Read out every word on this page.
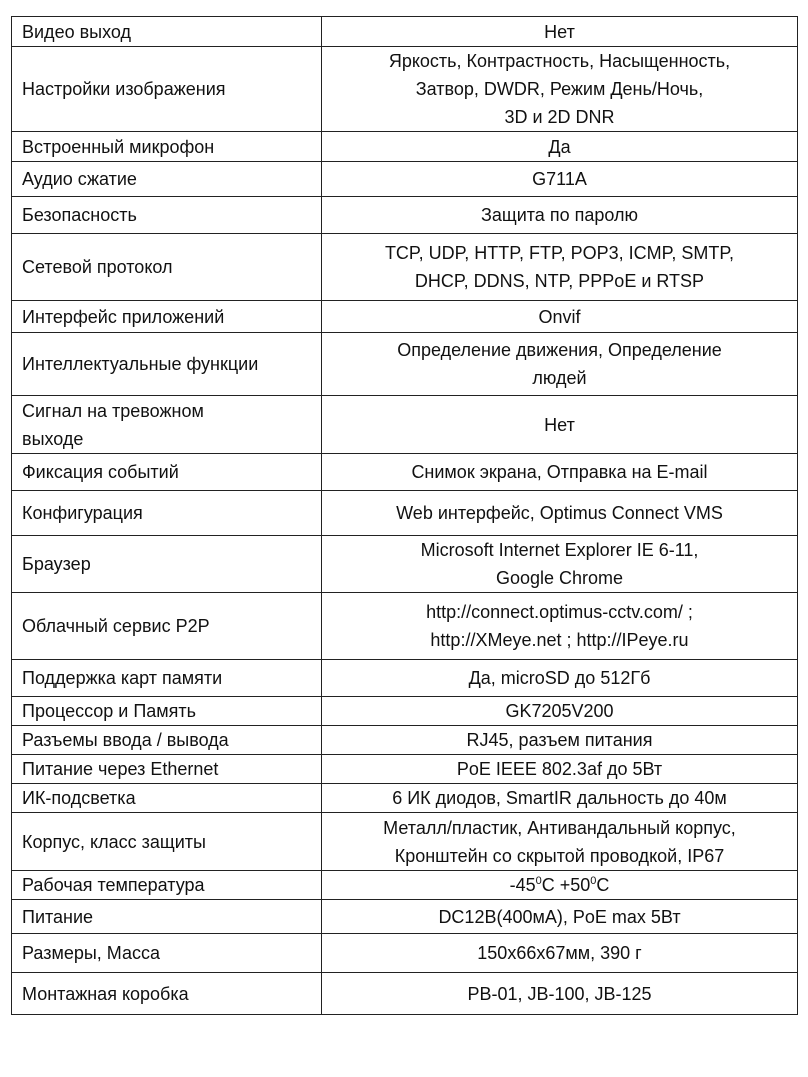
Видео выход	Нет

Настройки изображения	Яркость, Контрастность, Насыщенность,
Затвор, DWDR, Режим День/Ночь,
3D и 2D DNR

Встроенный микрофон	Да

Аудио сжатие	G711A

Безопасность	Защита по паролю

Сетевой протокол	TCP, UDP, HTTP, FTP, POP3, ICMP, SMTP,
DHCP, DDNS, NTP, PPPoE и RTSP

Интерфейс приложений	Onvif

Интеллектуальные функции	Определение движения, Определение
людей

Сигнал на тревожном
выходе	Нет

Фиксация событий	Снимок экрана, Отправка на E-mail

Конфигурация	Web интерфейс, Optimus Connect VMS

Браузер	Microsoft Internet Explorer IE 6-11,
Google Chrome

Облачный сервис P2P	http://connect.optimus-cctv.com/ ;
http://XMeye.net ; http://IPeye.ru

Поддержка карт памяти	Да, microSD до 512Гб

Процессор и Память	GK7205V200

Разъемы ввода / вывода	RJ45, разъем питания

Питание через Ethernet	PoE IEEE 802.3af до 5Вт

ИК-подсветка	6 ИК диодов, SmartIR дальность до 40м

Корпус, класс защиты	Металл/пластик, Антивандальный корпус,
Кронштейн со скрытой проводкой, IP67

Рабочая температура	$-45^0C +50^0C$

Питание	DC12В(400мА), PoE max 5Вт

Размеры, Масса	150х66х67мм, 390 г

Монтажная коробка	PB-01, JB-100, JB-125
